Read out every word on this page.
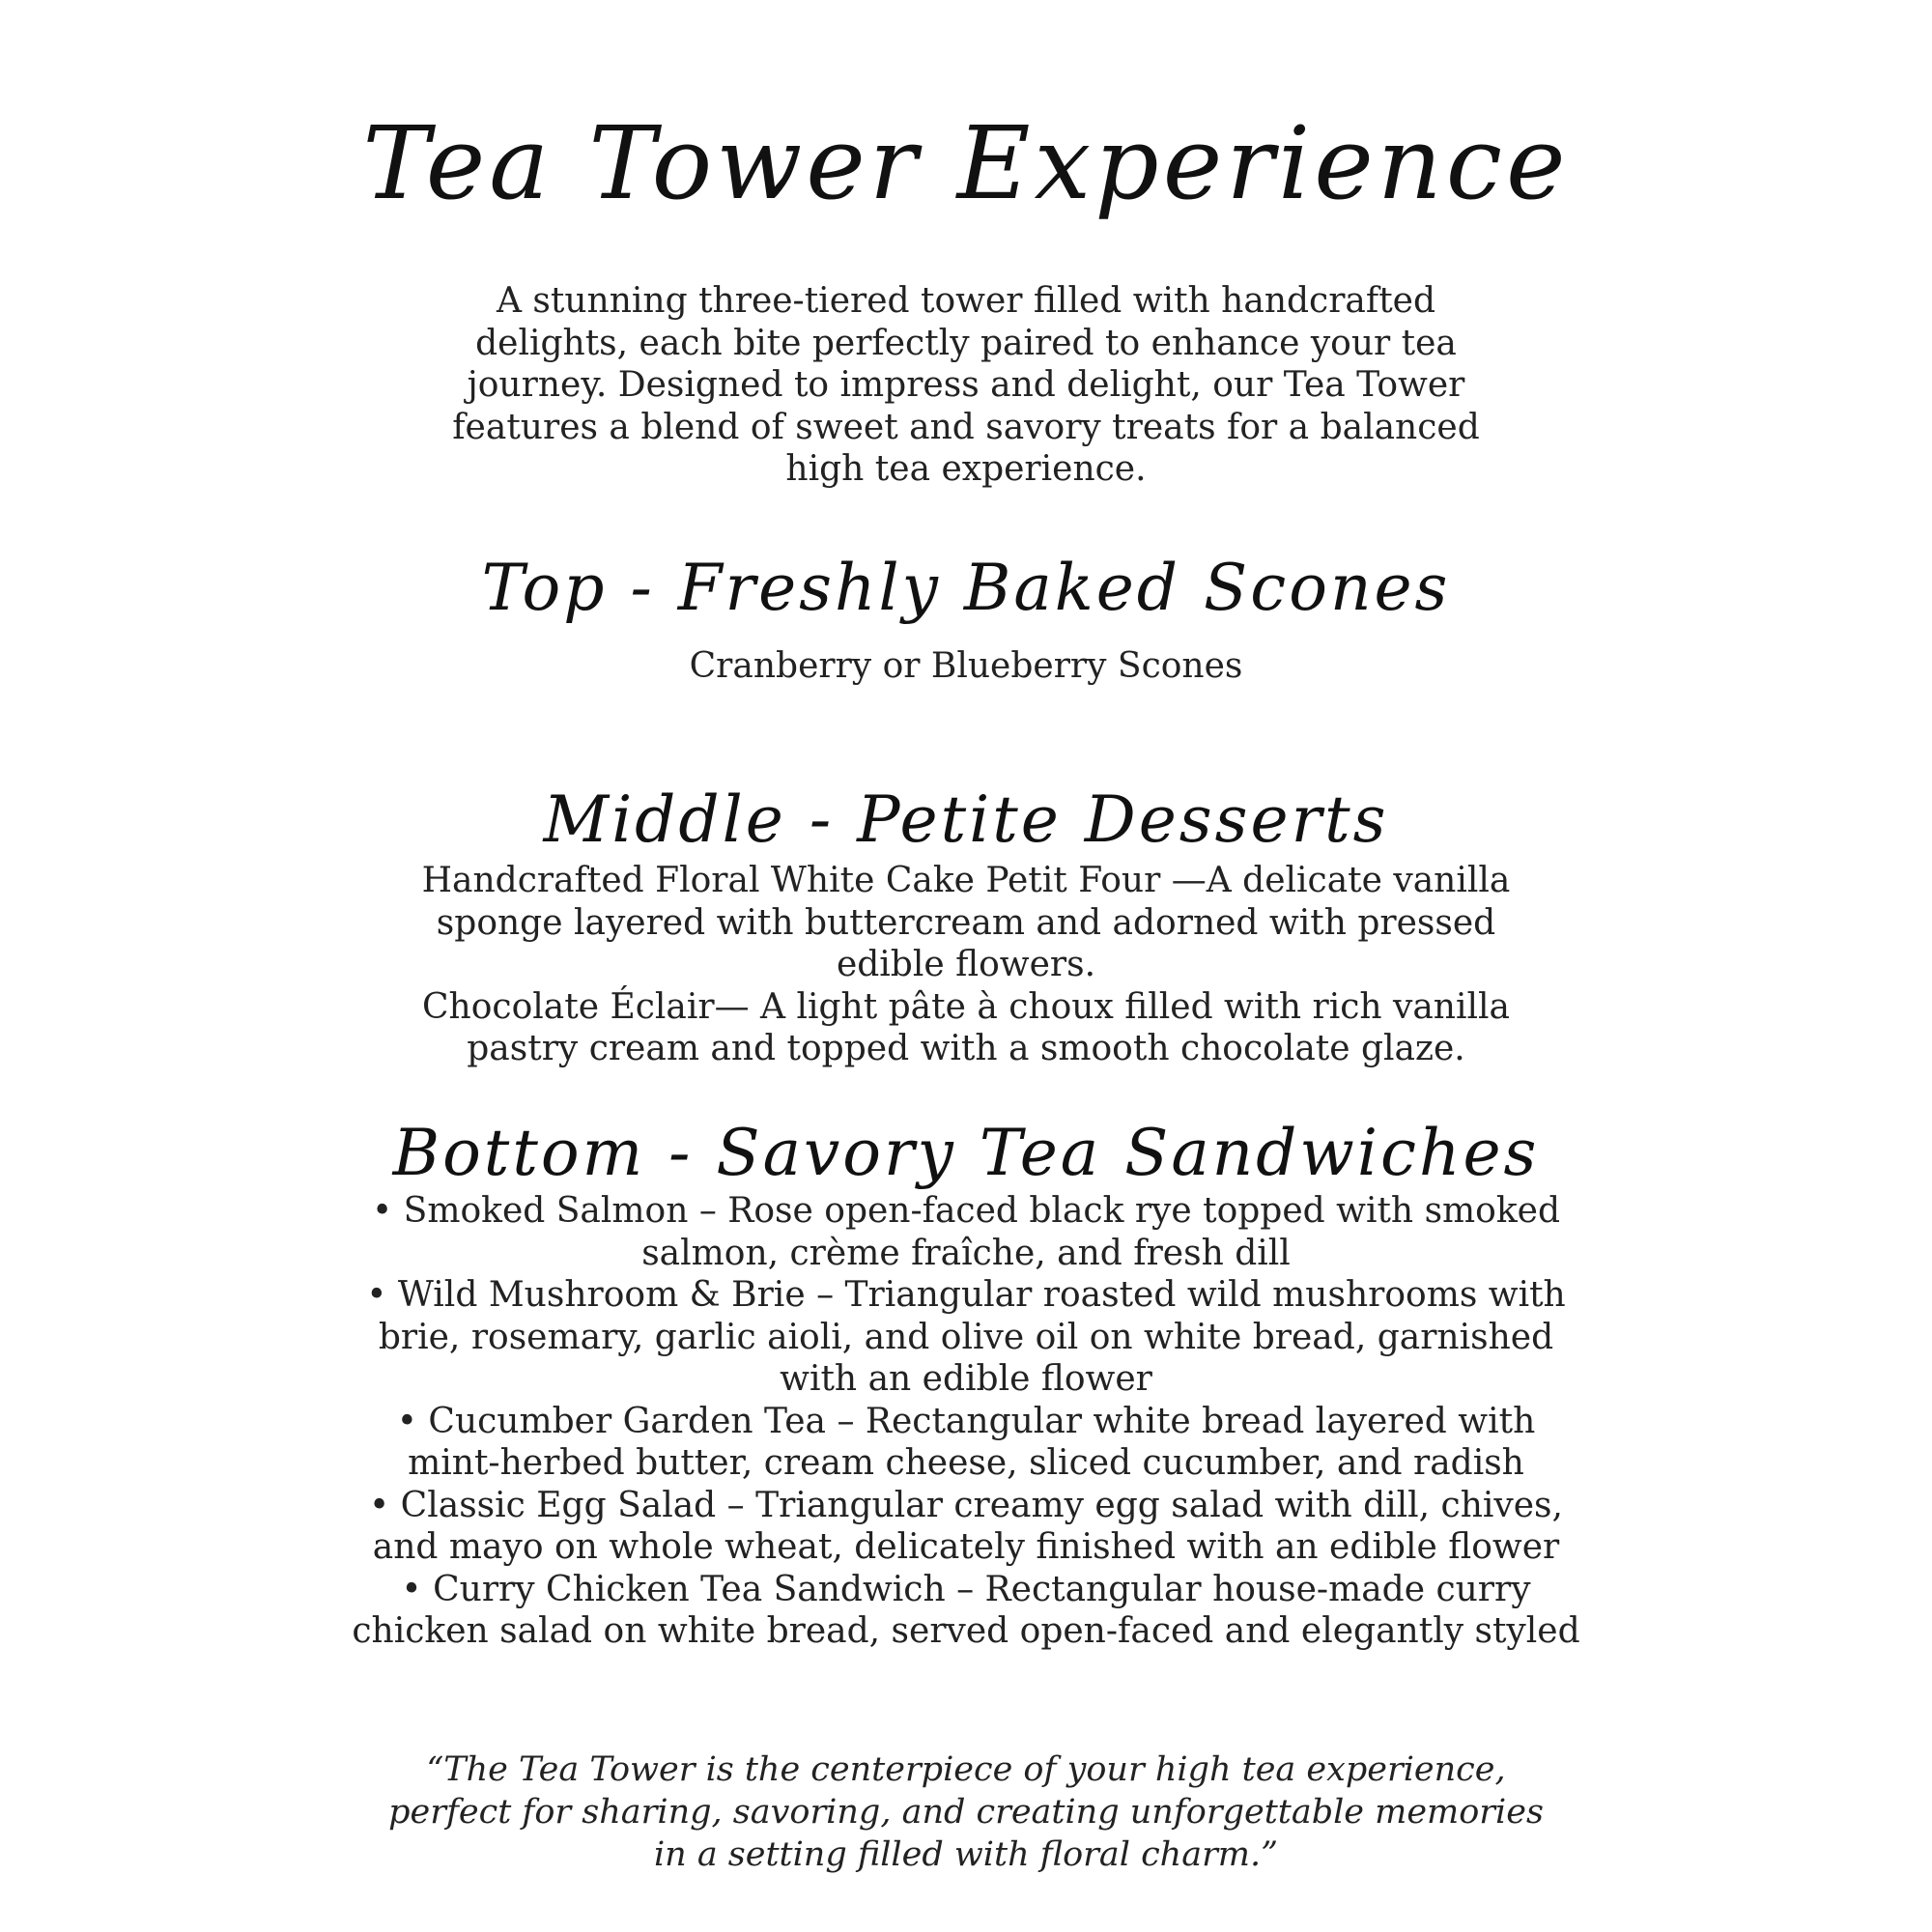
Tea Tower Experience

A stunning three-tiered tower filled with handcrafted
delights, each bite perfectly paired to enhance your tea
journey. Designed to impress and delight, our Tea Tower
features a blend of sweet and savory treats for a balanced
high tea experience.

Top - Freshly Baked Scones

Cranberry or Blueberry Scones

Middle - Petite Desserts

Handcrafted Floral White Cake Petit Four —A delicate vanilla
sponge layered with buttercream and adorned with pressed
edible flowers.
Chocolate Éclair— A light pâte à choux filled with rich vanilla
pastry cream and topped with a smooth chocolate glaze.

Bottom - Savory Tea Sandwiches

• Smoked Salmon – Rose open-faced black rye topped with smoked
salmon, crème fraîche, and fresh dill
• Wild Mushroom & Brie – Triangular roasted wild mushrooms with
brie, rosemary, garlic aioli, and olive oil on white bread, garnished
with an edible flower
• Cucumber Garden Tea – Rectangular white bread layered with
mint-herbed butter, cream cheese, sliced cucumber, and radish
• Classic Egg Salad – Triangular creamy egg salad with dill, chives,
and mayo on whole wheat, delicately finished with an edible flower
• Curry Chicken Tea Sandwich – Rectangular house-made curry
chicken salad on white bread, served open-faced and elegantly styled

“The Tea Tower is the centerpiece of your high tea experience,
perfect for sharing, savoring, and creating unforgettable memories
in a setting filled with floral charm.”
